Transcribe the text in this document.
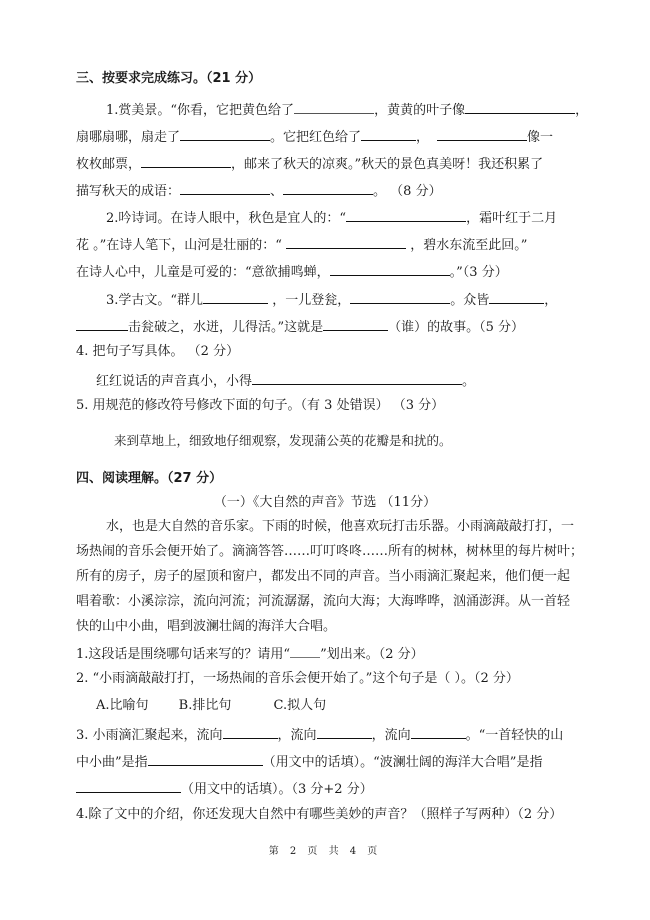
三、按要求完成练习。（21 分）
1.赏美景。“你看，它把黄色给了	，黄黄的叶子像	，
扇哪扇哪，扇走了	。它把红色给了	，	像一
枚枚邮票，	，邮来了秋天的凉爽。”秋天的景色真美呀！我还积累了
描写秋天的成语：	、	。 （8 分）
2.吟诗词。在诗人眼中，秋色是宜人的：“	，霜叶红于二月
花 。”在诗人笔下，山河是壮丽的：“	，碧水东流至此回。”
在诗人心中，儿童是可爱的：“意欲捕鸣蝉，	。”（3 分）
3.学古文。“群儿	，一儿登瓮，	。众皆	，
击瓮破之，水迸，儿得活。”这就是	（谁）的故事。（5 分）
4. 把句子写具体。 （2 分）
红红说话的声音真小，小得	。
5. 用规范的修改符号修改下面的句子。（有 3 处错误） （3 分）
来到草地上，细致地仔细观察，发现蒲公英的花瓣是和扰的。
四、阅读理解。（27 分）
（一）《大自然的声音》节选 （11分）
水，也是大自然的音乐家。下雨的时候，他喜欢玩打击乐器。小雨滴敲敲打打，一
场热闹的音乐会便开始了。滴滴答答……叮叮咚咚……所有的树林，树林里的每片树叶；
所有的房子，房子的屋顶和窗户，都发出不同的声音。当小雨滴汇聚起来，他们便一起
唱着歌：小溪淙淙，流向河流；河流潺潺，流向大海；大海哗哗，汹涌澎湃。从一首轻
快的山中小曲，唱到波澜壮阔的海洋大合唱。
1.这段话是围绕哪句话来写的？请用“ ”划出来。（2 分）
2. “小雨滴敲敲打打，一场热闹的音乐会便开始了。”这个句子是（ ）。（2 分）
A.比喻句 B.排比句	C.拟人句
3. 小雨滴汇聚起来，流向	，流向	，流向	。“一首轻快的山
中小曲”是指	（用文中的话填）。“波澜壮阔的海洋大合唱”是指
（用文中的话填）。（3 分+2 分）
4.除了文中的介绍，你还发现大自然中有哪些美妙的声音？（照样子写两种）（2 分）
第 2 页 共 4 页
